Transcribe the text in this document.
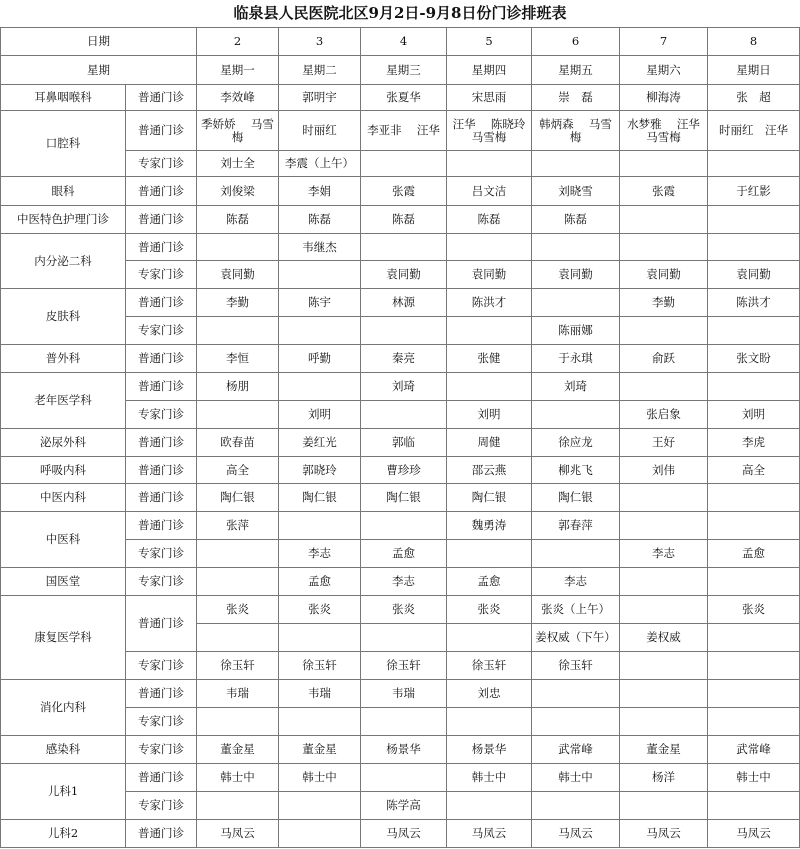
临泉县人民医院北区9月2日-9月8日份门诊排班表
日期		2	3	4	5	6	7	8
星期		星期一	星期二	星期三	星期四	星期五	星期六	星期日
耳鼻咽喉科	普通门诊	李效峰	郭明宇	张夏华	宋思雨	崇　磊	柳海涛	张　超
口腔科	普通门诊	季娇娇　 马雪梅	时丽红	李亚非　 汪华	汪华　 陈晓玲 马雪梅	韩炳森　 马雪梅	水梦雅　 汪华 马雪梅	时丽红　汪华
	专家门诊	刘士全	李震（上午）					
眼科	普通门诊	刘俊梁	李娟	张霞	吕文洁	刘晓雪	张霞	于红影
中医特色护理门诊	普通门诊	陈磊	陈磊	陈磊	陈磊	陈磊		
内分泌二科	普通门诊		韦继杰					
	专家门诊	袁同勤		袁同勤	袁同勤	袁同勤	袁同勤	袁同勤
皮肤科	普通门诊	李勤	陈宇	林源	陈洪才		李勤	陈洪才
	专家门诊					陈丽娜		
普外科	普通门诊	李恒	呼勤	秦亮	张健	于永琪	俞跃	张文盼
老年医学科	普通门诊	杨朋		刘琦		刘琦		
	专家门诊		刘明		刘明		张启象	刘明
泌尿外科	普通门诊	欧春苗	姜红光	郭临	周健	徐应龙	王好	李虎
呼吸内科	普通门诊	高全	郭晓玲	曹珍珍	邵云燕	柳兆飞	刘伟	高全
中医内科	普通门诊	陶仁银	陶仁银	陶仁银	陶仁银	陶仁银		
中医科	普通门诊	张萍			魏勇涛	郭春萍		
	专家门诊		李志	孟愈			李志	孟愈
国医堂	专家门诊		孟愈	李志	孟愈	李志		
康复医学科	普通门诊	张炎	张炎	张炎	张炎	张炎（上午）		张炎
						姜权威（下午）	姜权威	
	专家门诊	徐玉轩	徐玉轩	徐玉轩	徐玉轩	徐玉轩		
消化内科	普通门诊	韦瑞	韦瑞	韦瑞	刘忠			
	专家门诊							
感染科	专家门诊	董金星	董金星	杨景华	杨景华	武常峰	董金星	武常峰
儿科1	普通门诊	韩士中	韩士中		韩士中	韩士中	杨洋	韩士中
	专家门诊			陈学高				
儿科2	普通门诊	马凤云		马凤云	马凤云	马凤云	马凤云	马凤云
